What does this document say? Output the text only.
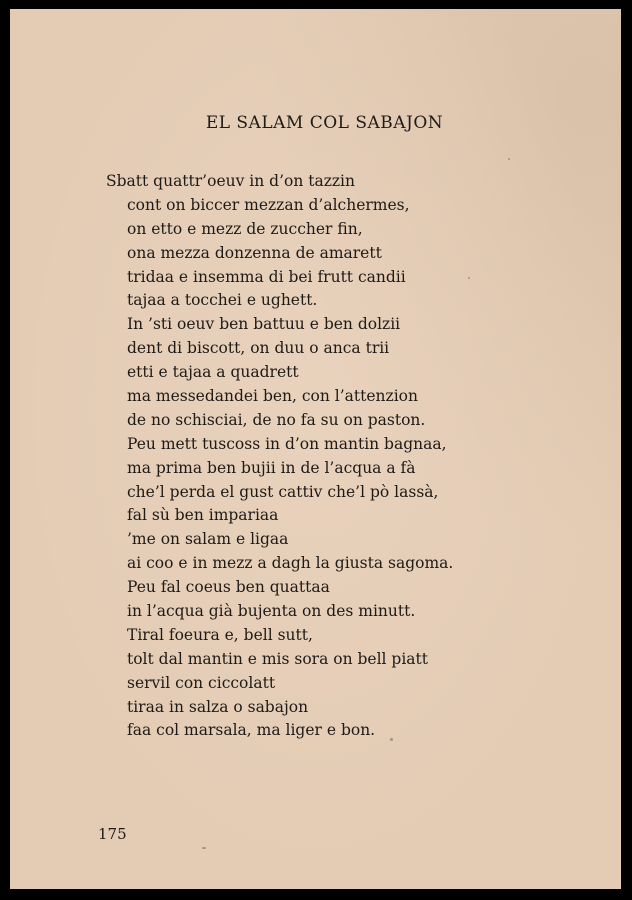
EL SALAM COL SABAJON
Sbatt quattr’oeuv in d’on tazzin
cont on biccer mezzan d’alchermes,
on etto e mezz de zuccher fin,
ona mezza donzenna de amarett
tridaa e insemma di bei frutt candii
tajaa a tocchei e ughett.
In ’sti oeuv ben battuu e ben dolzii
dent di biscott, on duu o anca trii
etti e tajaa a quadrett
ma messedandei ben, con l’attenzion
de no schisciai, de no fa su on paston.
Peu mett tuscoss in d’on mantin bagnaa,
ma prima ben bujii in de l’acqua a fà
che’l perda el gust cattiv che’l pò lassà,
fal sù ben impariaa
’me on salam e ligaa
ai coo e in mezz a dagh la giusta sagoma.
Peu fal coeus ben quattaa
in l’acqua già bujenta on des minutt.
Tiral foeura e, bell sutt,
tolt dal mantin e mis sora on bell piatt
servil con ciccolatt
tiraa in salza o sabajon
faa col marsala, ma liger e bon.
175
